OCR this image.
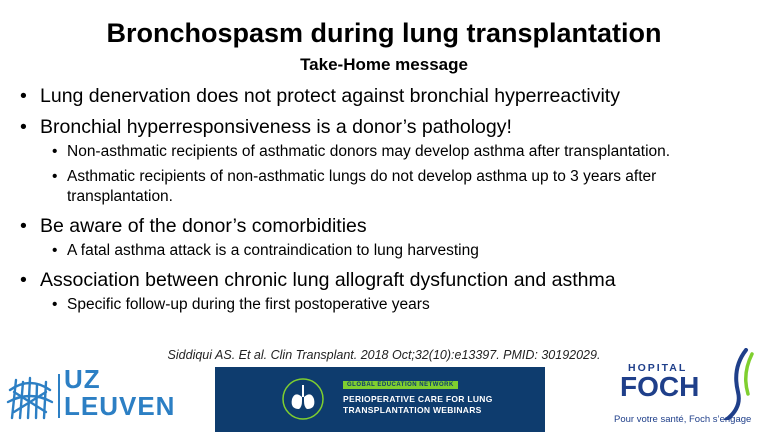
Bronchospasm during lung transplantation
Take-Home message
• Lung denervation does not protect against bronchial hyperreactivity
• Bronchial hyperresponsiveness is a donor’s pathology!
• Non-asthmatic recipients of asthmatic donors may develop asthma after transplantation.
• Asthmatic recipients of non-asthmatic lungs do not develop asthma up to 3 years after transplantation.
• Be aware of the donor’s comorbidities
• A fatal asthma attack is a contraindication to lung harvesting
• Association between chronic lung allograft dysfunction and asthma
• Specific follow-up during the first postoperative years
Siddiqui AS. Et al. Clin Transplant. 2018 Oct;32(10):e13397. PMID: 30192029.
UZ
LEUVEN
GLOBAL EDUCATION NETWORK
PERIOPERATIVE CARE FOR LUNG
TRANSPLANTATION WEBINARS
HOPITAL
FOCH
Pour votre santé, Foch s’engage
